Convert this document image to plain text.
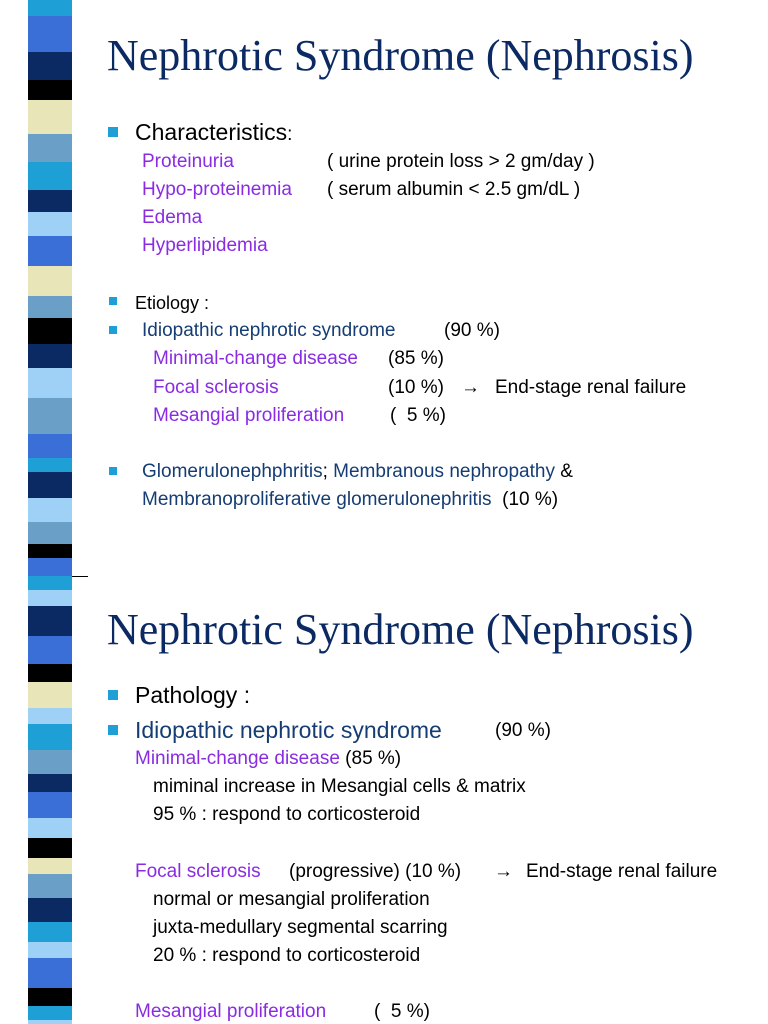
Nephrotic Syndrome (Nephrosis)
Characteristics:
Proteinuria	( urine protein loss > 2 gm/day )
Hypo-proteinemia ( serum albumin < 2.5 gm/dL )
Edema
Hyperlipidemia
Etiology :
Idiopathic nephrotic syndrome	(90 %)
Minimal-change disease (85 %)
Focal sclerosis	(10 %) → End-stage renal failure
Mesangial proliferation (  5 %)
Glomerulonephphritis; Membranous nephropathy &
Membranoproliferative glomerulonephritis (10 %)
Nephrotic Syndrome (Nephrosis)
Pathology :
Idiopathic nephrotic syndrome	(90 %)
Minimal-change disease (85 %)
miminal increase in Mesangial cells & matrix
95 % : respond to corticosteroid
Focal sclerosis (progressive) (10 %) → End-stage renal failure
normal or mesangial proliferation
juxta-medullary segmental scarring
20 % : respond to corticosteroid
Mesangial proliferation	(  5 %)
